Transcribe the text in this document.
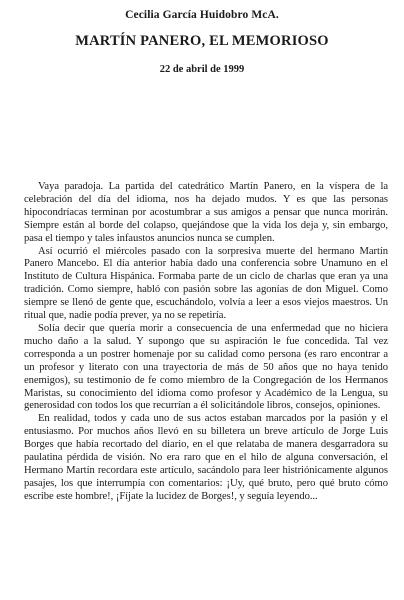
Cecilia García Huidobro McA.
MARTÍN PANERO, EL MEMORIOSO
22 de abril de 1999

Vaya paradoja. La partida del catedrático Martín Panero, en la víspera de la celebración del día del idioma, nos ha dejado mudos. Y es que las personas hipocondríacas terminan por acostumbrar a sus amigos a pensar que nunca morirán. Siempre están al borde del colapso, quejándose que la vida los deja y, sin embargo, pasa el tiempo y tales infaustos anuncios nunca se cumplen.

Así ocurrió el miércoles pasado con la sorpresiva muerte del hermano Martín Panero Mancebo. El día anterior había dado una conferencia sobre Unamuno en el Instituto de Cultura Hispánica. Formaba parte de un ciclo de charlas que eran ya una tradición. Como siempre, habló con pasión sobre las agonías de don Miguel. Como siempre se llenó de gente que, escuchándolo, volvía a leer a esos viejos maestros. Un ritual que, nadie podía prever, ya no se repetiría.

Solía decir que quería morir a consecuencia de una enfermedad que no hiciera mucho daño a la salud. Y supongo que su aspiración le fue concedida. Tal vez corresponda a un postrer homenaje por su calidad como persona (es raro encontrar a un profesor y literato con una trayectoria de más de 50 años que no haya tenido enemigos), su testimonio de fe como miembro de la Congregación de los Hermanos Maristas, su conocimiento del idioma como profesor y Académico de la Lengua, su generosidad con todos los que recurrían a él solicitándole libros, consejos, opiniones.

En realidad, todos y cada uno de sus actos estaban marcados por la pasión y el entusiasmo. Por muchos años llevó en su billetera un breve artículo de Jorge Luis Borges que había recortado del diario, en el que relataba de manera desgarradora su paulatina pérdida de visión. No era raro que en el hilo de alguna conversación, el Hermano Martín recordara este artículo, sacándolo para leer histriónicamente algunos pasajes, los que interrumpía con comentarios: ¡Uy, qué bruto, pero qué bruto cómo escribe este hombre!, ¡Fíjate la lucidez de Borges!, y seguía leyendo...
